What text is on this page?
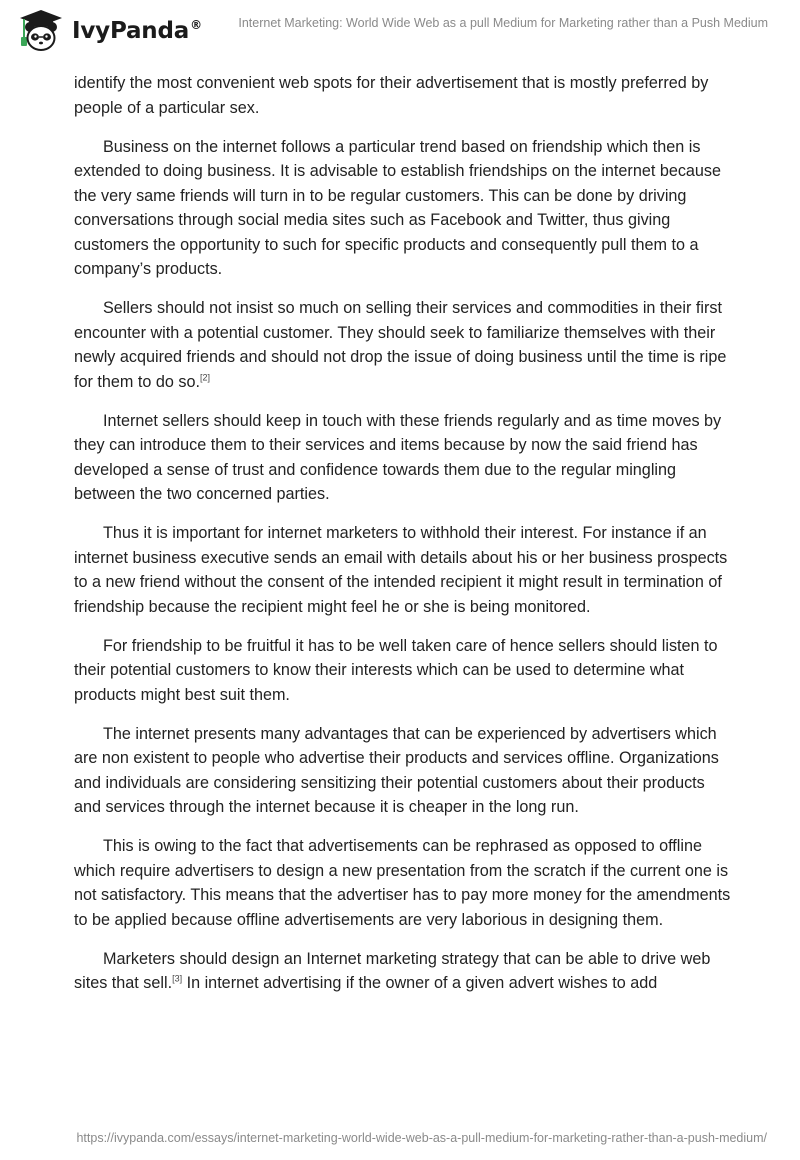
IvyPanda®	Internet Marketing: World Wide Web as a pull Medium for Marketing rather than a Push Medium

identify the most convenient web spots for their advertisement that is mostly preferred by people of a particular sex.

Business on the internet follows a particular trend based on friendship which then is extended to doing business. It is advisable to establish friendships on the internet because the very same friends will turn in to be regular customers. This can be done by driving conversations through social media sites such as Facebook and Twitter, thus giving customers the opportunity to such for specific products and consequently pull them to a company’s products.

Sellers should not insist so much on selling their services and commodities in their first encounter with a potential customer. They should seek to familiarize themselves with their newly acquired friends and should not drop the issue of doing business until the time is ripe for them to do so.[2]

Internet sellers should keep in touch with these friends regularly and as time moves by they can introduce them to their services and items because by now the said friend has developed a sense of trust and confidence towards them due to the regular mingling between the two concerned parties.

Thus it is important for internet marketers to withhold their interest. For instance if an internet business executive sends an email with details about his or her business prospects to a new friend without the consent of the intended recipient it might result in termination of friendship because the recipient might feel he or she is being monitored.

For friendship to be fruitful it has to be well taken care of hence sellers should listen to their potential customers to know their interests which can be used to determine what products might best suit them.

The internet presents many advantages that can be experienced by advertisers which are non existent to people who advertise their products and services offline. Organizations and individuals are considering sensitizing their potential customers about their products and services through the internet because it is cheaper in the long run.

This is owing to the fact that advertisements can be rephrased as opposed to offline which require advertisers to design a new presentation from the scratch if the current one is not satisfactory. This means that the advertiser has to pay more money for the amendments to be applied because offline advertisements are very laborious in designing them.

Marketers should design an Internet marketing strategy that can be able to drive web sites that sell.[3] In internet advertising if the owner of a given advert wishes to add

https://ivypanda.com/essays/internet-marketing-world-wide-web-as-a-pull-medium-for-marketing-rather-than-a-push-medium/
